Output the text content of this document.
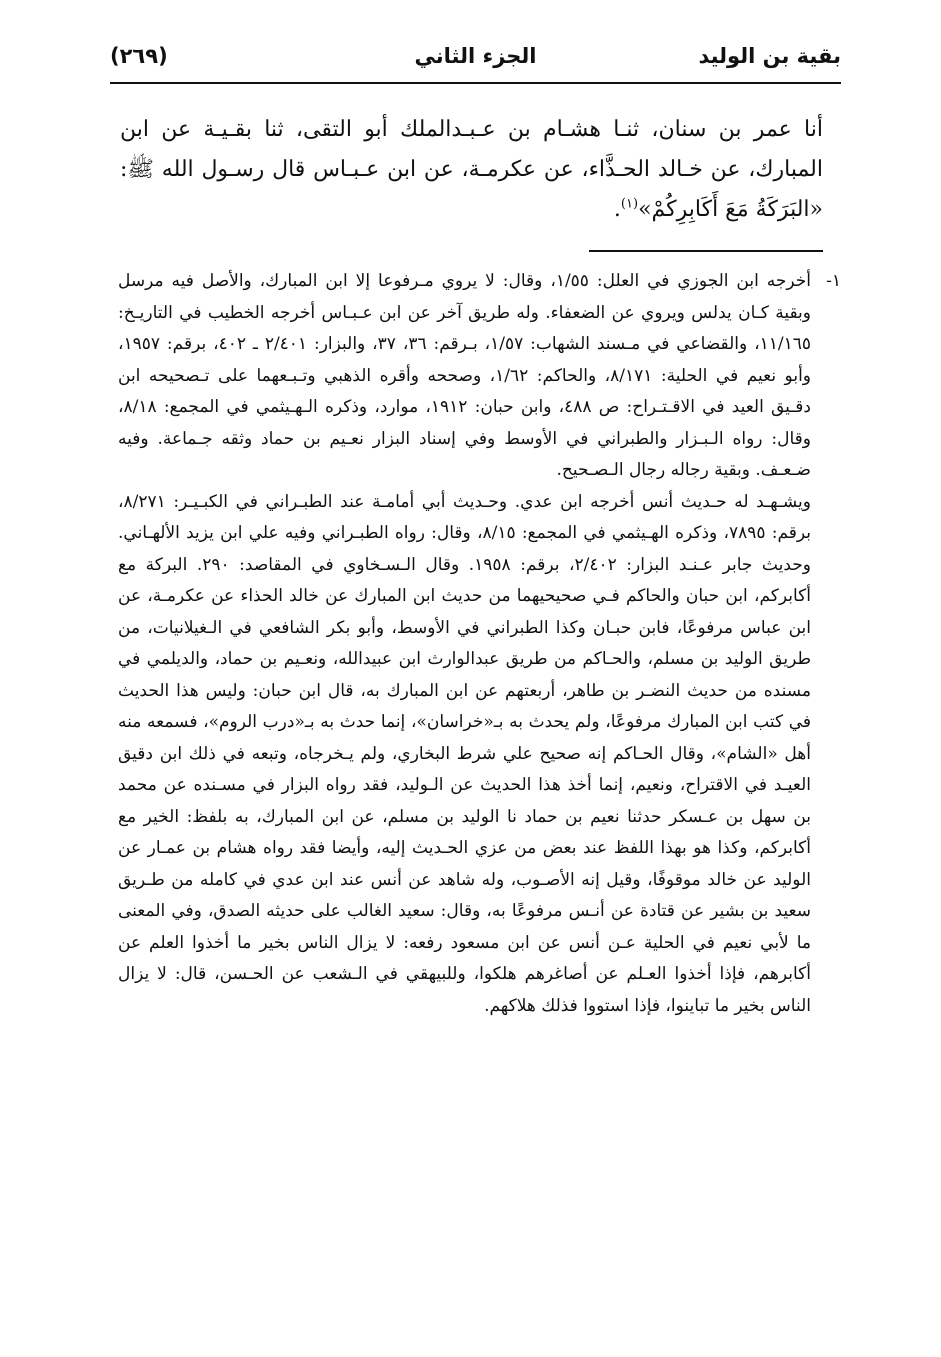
بقية بن الوليد
الجزء الثاني
(٢٦٩)
أنا عمر بن سنان، ثنـا هشـام بن عـبـدالملك أبو التقى، ثنا بقـيـة عن ابن المبارك، عن خـالد الحـذَّاء، عن عكرمـة، عن ابن عـبـاس قال رسـول الله ﷺ: «البَرَكَةُ مَعَ أَكَابِرِكُمْ»$^{(١)}$.
١-

أخرجه ابن الجوزي في العلل: ١/٥٥، وقال: لا يروي مـرفوعا إلا ابن المبارك، والأصل فيه مرسل وبقية كـان يدلس ويروي عن الضعفاء. وله طريق آخر عن ابن عـبـاس أخرجه الخطيب في التاريـخ: ١١/١٦٥، والقضاعي في مـسند الشهاب: ١/٥٧، بـرقم: ٣٦، ٣٧، والبزار: ٢/٤٠١ ـ ٤٠٢، برقم: ١٩٥٧، وأبو نعيم في الحلية: ٨/١٧١، والحاكم: ١/٦٢، وصححه وأقره الذهبي وتـبـعهما على تـصحيحه ابن دقـيق العيد في الاقـتـراح: ص ٤٨٨، وابن حبان: ١٩١٢، موارد، وذكره الـهـيثمي في المجمع: ٨/١٨، وقال: رواه الـبـزار والطبراني في الأوسط وفي إسناد البزار نعـيم بن حماد وثقه جـماعة. وفيه ضـعـف. وبقية رجاله رجال الـصـحيح.

ويشـهـد له حـديث أنس أخرجه ابن عدي. وحـديث أبي أمامـة عند الطبـراني في الكبـيـر: ٨/٢٧١، برقم: ٧٨٩٥، وذكره الهـيثمي في المجمع: ٨/١٥، وقال: رواه الطبـراني وفيه علي ابن يزيد الألهـاني. وحديث جابر عـنـد البزار: ٢/٤٠٢، برقم: ١٩٥٨. وقال الـسـخاوي في المقاصد: ٢٩٠. البركة مع أكابركم، ابن حبان والحاكم فـي صحيحيهما من حديث ابن المبارك عن خالد الحذاء عن عكرمـة، عن ابن عباس مرفوعًا، فابن حبـان وكذا الطبراني في الأوسط، وأبو بكر الشافعي في الـغيلانيات، من طريق الوليد بن مسلم، والحـاكم من طريق عبدالوارث ابن عبيدالله، ونعـيم بن حماد، والديلمي في مسنده من حديث النضـر بن طاهر، أربعتهم عن ابن المبارك به، قال ابن حبان: وليس هذا الحديث في كتب ابن المبارك مرفوعًا، ولم يحدث به بـ«خراسان»، إنما حدث به بـ«درب الروم»، فسمعه منه أهل «الشام»، وقال الحـاكم إنه صحيح علي شرط البخاري، ولم يـخرجاه، وتبعه في ذلك ابن دقيق العيـد في الاقتراح، ونعيم، إنما أخذ هذا الحديث عن الـوليد، فقد رواه البزار في مسـنده عن محمد بن سهل بن عـسكر حدثنا نعيم بن حماد نا الوليد بن مسلم، عن ابن المبارك، به بلفظ: الخير مع أكابركم، وكذا هو بهذا اللفظ عند بعض من عزي الحـديث إليه، وأيضا فقد رواه هشام بن عمـار عن الوليد عن خالد موقوفًا، وقيل إنه الأصـوب، وله شاهد عن أنس عند ابن عدي في كامله من طـريق سعيد بن بشير عن قتادة عن أنـس مرفوعًا به، وقال: سعيد الغالب على حديثه الصدق، وفي المعنى ما لأبي نعيم في الحلية عـن أنس عن ابن مسعود رفعه: لا يزال الناس بخير ما أخذوا العلم عن أكابرهم، فإذا أخذوا العـلم عن أصاغرهم هلكوا، وللبيهقي في الـشعب عن الحـسن، قال: لا يزال الناس بخير ما تباينوا، فإذا استووا فذلك هلاكهم.
